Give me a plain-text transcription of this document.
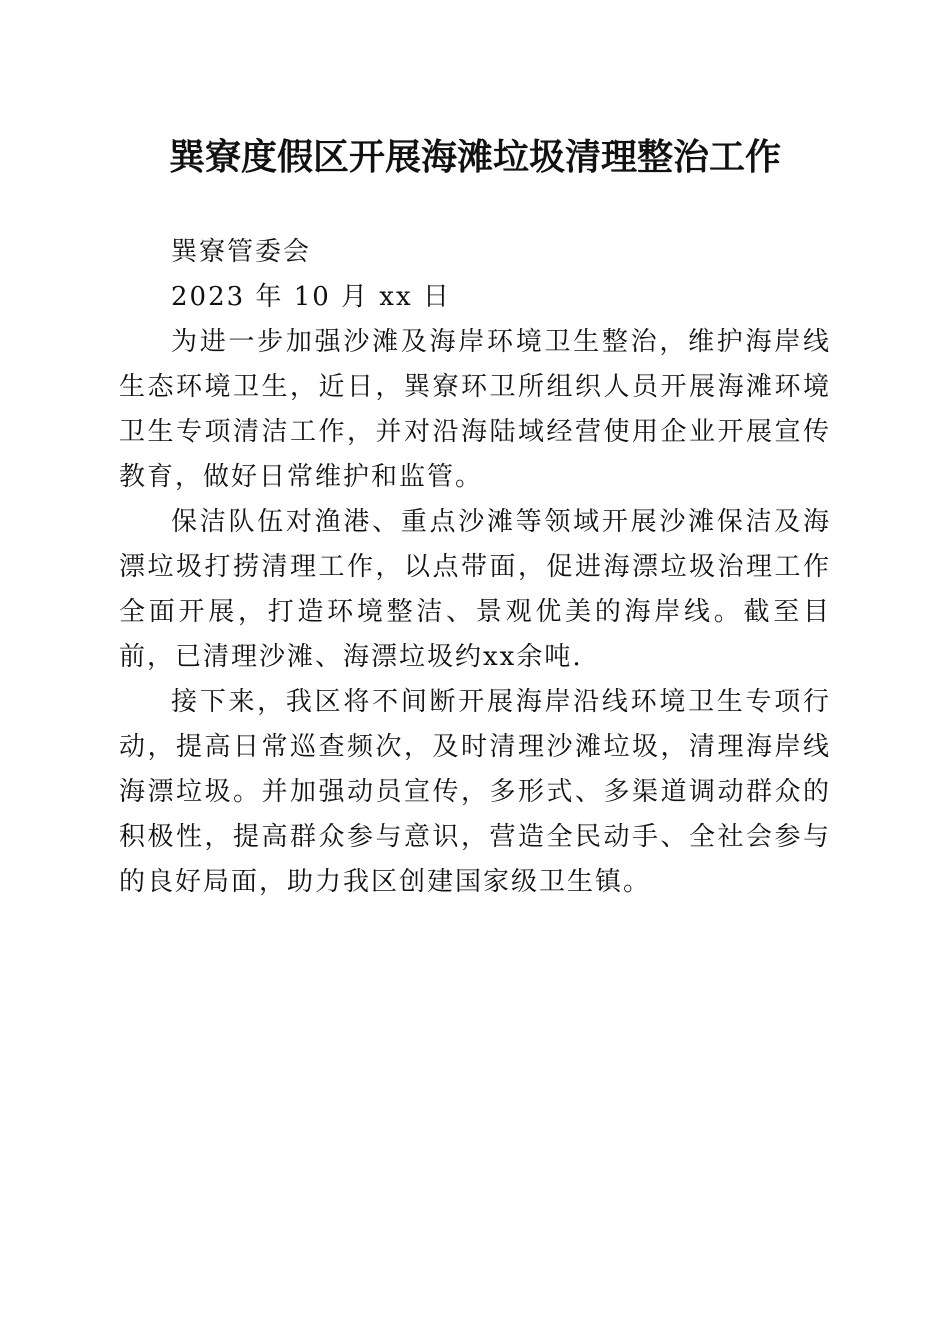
巽寮度假区开展海滩垃圾清理整治工作

巽寮管委会

2023 年 10 月 xx 日

为进一步加强沙滩及海岸环境卫生整治，维护海岸线生态环境卫生，近日，巽寮环卫所组织人员开展海滩环境卫生专项清洁工作，并对沿海陆域经营使用企业开展宣传教育，做好日常维护和监管。

保洁队伍对渔港、重点沙滩等领域开展沙滩保洁及海漂垃圾打捞清理工作，以点带面，促进海漂垃圾治理工作全面开展，打造环境整洁、景观优美的海岸线。截至目前，已清理沙滩、海漂垃圾约xx余吨.

接下来，我区将不间断开展海岸沿线环境卫生专项行动，提高日常巡查频次，及时清理沙滩垃圾，清理海岸线海漂垃圾。并加强动员宣传，多形式、多渠道调动群众的积极性，提高群众参与意识，营造全民动手、全社会参与的良好局面，助力我区创建国家级卫生镇。
